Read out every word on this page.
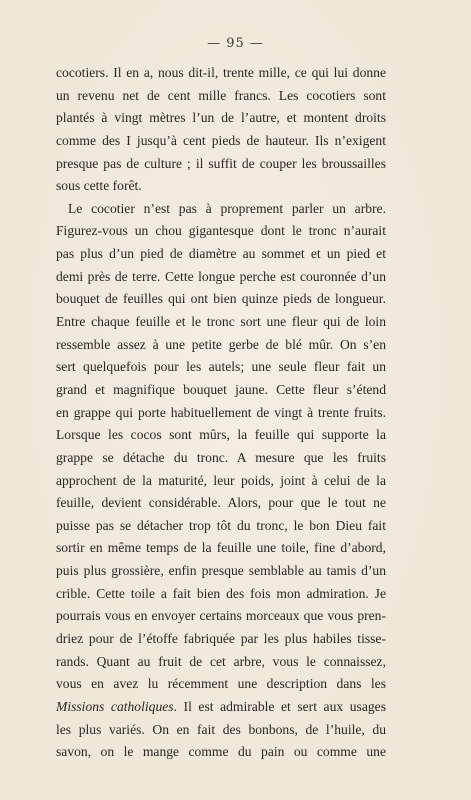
— 95 —
cocotiers. Il en a, nous dit-il, trente mille, ce qui lui donne
un revenu net de cent mille francs. Les cocotiers sont
plantés à vingt mètres l’un de l’autre, et montent droits
comme des I jusqu’à cent pieds de hauteur. Ils n’exigent
presque pas de culture ; il suffit de couper les broussailles
sous cette forêt.
Le cocotier n’est pas à proprement parler un arbre.
Figurez-vous un chou gigantesque dont le tronc n’aurait
pas plus d’un pied de diamètre au sommet et un pied et
demi près de terre. Cette longue perche est couronnée d’un
bouquet de feuilles qui ont bien quinze pieds de longueur.
Entre chaque feuille et le tronc sort une fleur qui de loin
ressemble assez à une petite gerbe de blé mûr. On s’en
sert quelquefois pour les autels; une seule fleur fait un
grand et magnifique bouquet jaune. Cette fleur s’étend
en grappe qui porte habituellement de vingt à trente fruits.
Lorsque les cocos sont mûrs, la feuille qui supporte la
grappe se détache du tronc. A mesure que les fruits
approchent de la maturité, leur poids, joint à celui de la
feuille, devient considérable. Alors, pour que le tout ne
puisse pas se détacher trop tôt du tronc, le bon Dieu fait
sortir en même temps de la feuille une toile, fine d’abord,
puis plus grossière, enfin presque semblable au tamis d’un
crible. Cette toile a fait bien des fois mon admiration. Je
pourrais vous en envoyer certains morceaux que vous pren-
driez pour de l’étoffe fabriquée par les plus habiles tisse-
rands. Quant au fruit de cet arbre, vous le connaissez,
vous en avez lu récemment une description dans les
Missions catholiques. Il est admirable et sert aux usages
les plus variés. On en fait des bonbons, de l’huile, du
savon, on le mange comme du pain ou comme une
